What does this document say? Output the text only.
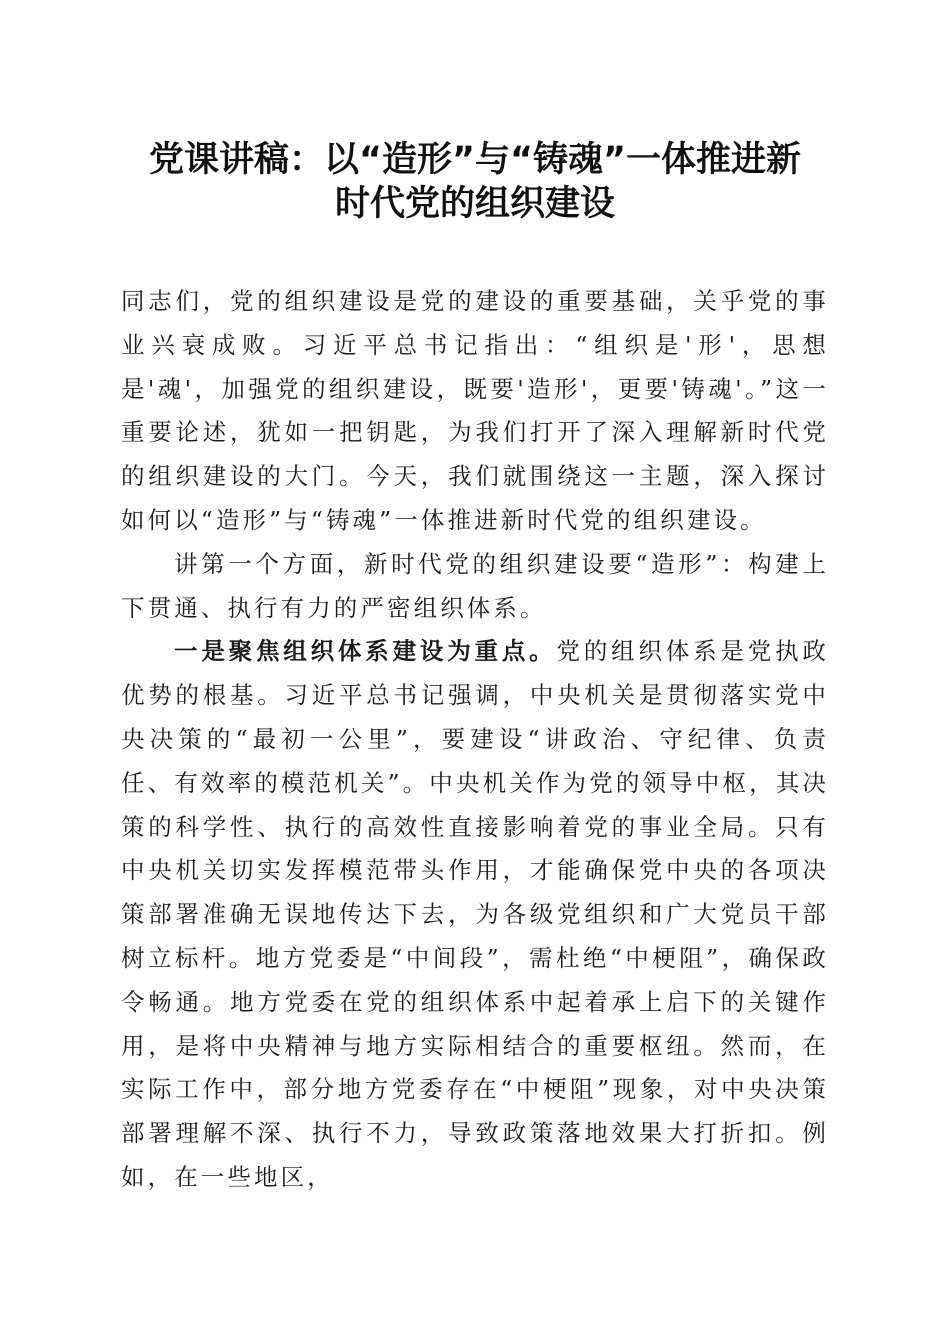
党课讲稿：以“造形”与“铸魂”一体推进新
时代党的组织建设

同志们，党的组织建设是党的建设的重要基础，关乎党的事业兴衰成败。习近平总书记指出：“组织是'形'，思想是'魂'，加强党的组织建设，既要'造形'，更要'铸魂'。”这一重要论述，犹如一把钥匙，为我们打开了深入理解新时代党的组织建设的大门。今天，我们就围绕这一主题，深入探讨如何以“造形”与“铸魂”一体推进新时代党的组织建设。

讲第一个方面，新时代党的组织建设要“造形”：构建上下贯通、执行有力的严密组织体系。

一是聚焦组织体系建设为重点。党的组织体系是党执政优势的根基。习近平总书记强调，中央机关是贯彻落实党中央决策的“最初一公里”，要建设“讲政治、守纪律、负责任、有效率的模范机关”。中央机关作为党的领导中枢，其决策的科学性、执行的高效性直接影响着党的事业全局。只有中央机关切实发挥模范带头作用，才能确保党中央的各项决策部署准确无误地传达下去，为各级党组织和广大党员干部树立标杆。地方党委是“中间段”，需杜绝“中梗阻”，确保政令畅通。地方党委在党的组织体系中起着承上启下的关键作用，是将中央精神与地方实际相结合的重要枢纽。然而，在实际工作中，部分地方党委存在“中梗阻”现象，对中央决策部署理解不深、执行不力，导致政策落地效果大打折扣。例如，在一些地区，
